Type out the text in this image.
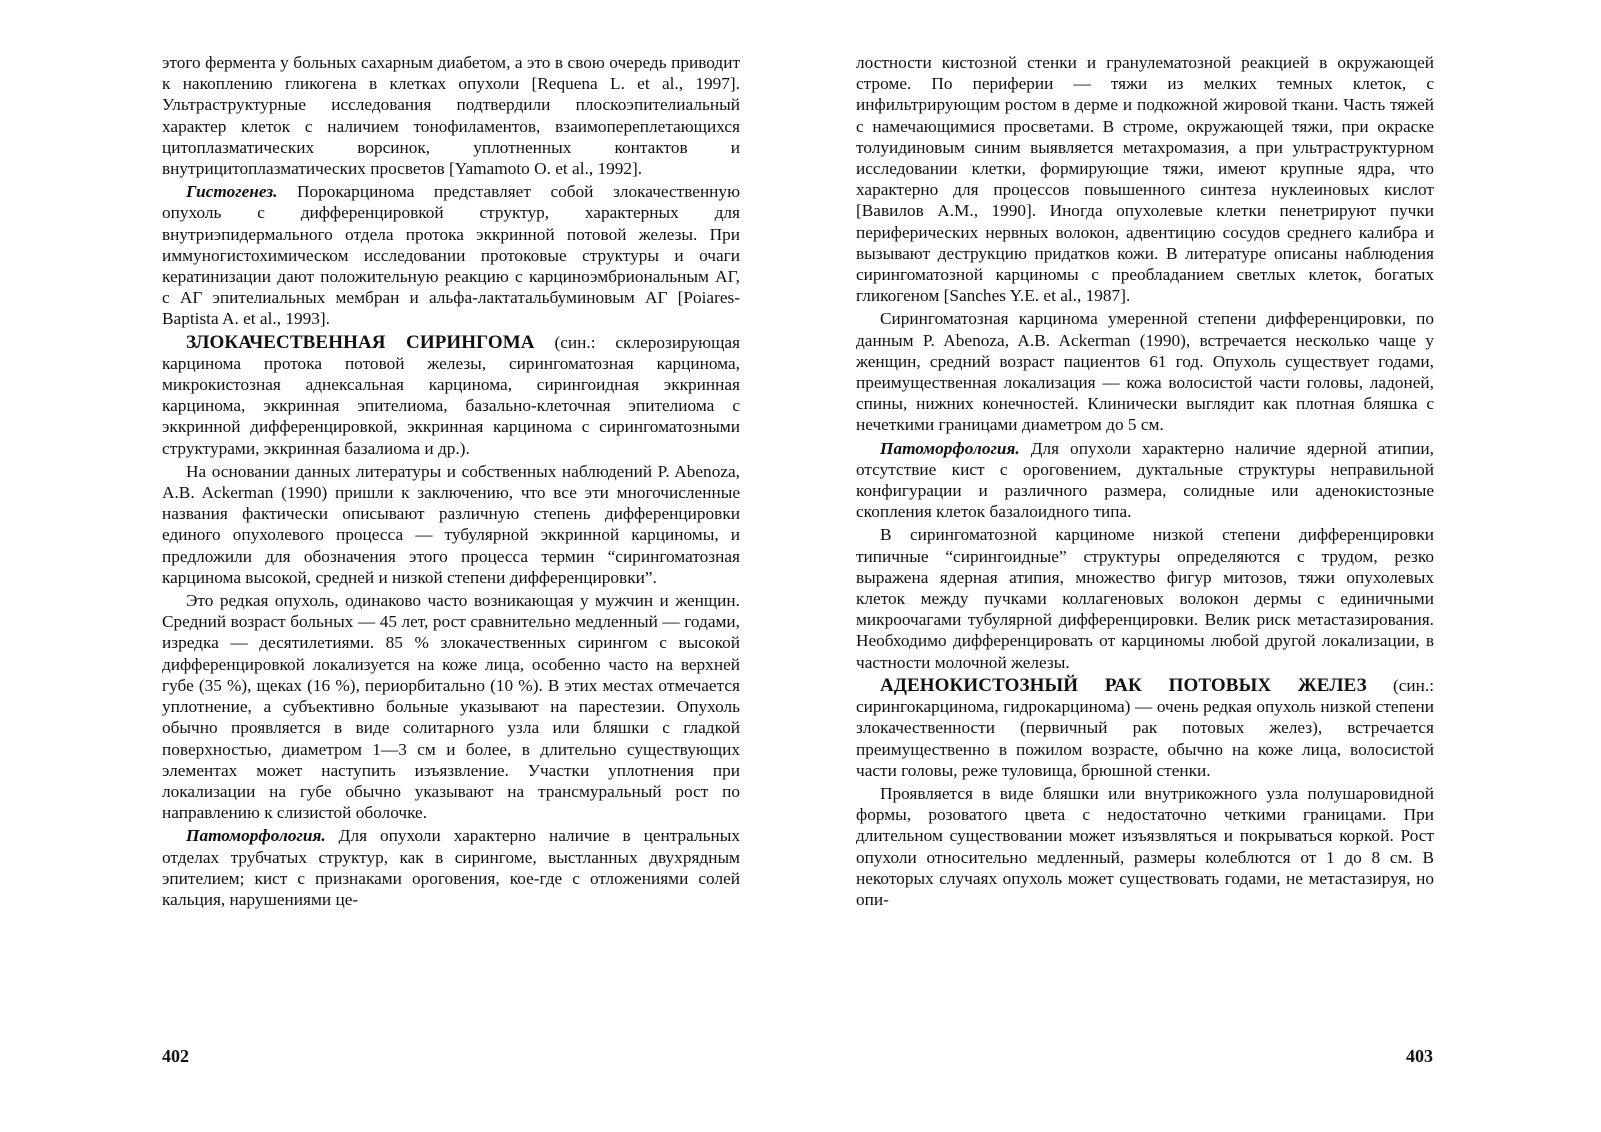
этого фермента у больных сахарным диабетом, а это в свою очередь приводит к накоплению гликогена в клетках опухоли [Requena L. et al., 1997]. Ультраструктурные исследования подтвердили плоскоэпителиальный характер клеток с наличием тонофиламентов, взаимопереплетающихся цитоплазматических ворсинок, уплотненных контактов и внутрицитоплазматических просветов [Yamamoto O. et al., 1992].

Гистогенез. Порокарцинома представляет собой злокачественную опухоль с дифференцировкой структур, характерных для внутриэпидермального отдела протока эккринной потовой железы. При иммуногистохимическом исследовании протоковые структуры и очаги кератинизации дают положительную реакцию с карциноэмбриональным АГ, с АГ эпителиальных мембран и альфа-лактатальбуминовым АГ [Poiares-Baptista A. et al., 1993].

ЗЛОКАЧЕСТВЕННАЯ СИРИНГОМА (син.: склерозирующая карцинома протока потовой железы, сирингоматозная карцинома, микрокистозная аднексальная карцинома, сирингоидная эккринная карцинома, эккринная эпителиома, базально-клеточная эпителиома с эккринной дифференцировкой, эккринная карцинома с сирингоматозными структурами, эккринная базалиома и др.).

На основании данных литературы и собственных наблюдений P. Abenoza, A.B. Ackerman (1990) пришли к заключению, что все эти многочисленные названия фактически описывают различную степень дифференцировки единого опухолевого процесса — тубулярной эккринной карциномы, и предложили для обозначения этого процесса термин “сирингоматозная карцинома высокой, средней и низкой степени дифференцировки”.

Это редкая опухоль, одинаково часто возникающая у мужчин и женщин. Средний возраст больных — 45 лет, рост сравнительно медленный — годами, изредка — десятилетиями. 85 % злокачественных сирингом с высокой дифференцировкой локализуется на коже лица, особенно часто на верхней губе (35 %), щеках (16 %), периорбитально (10 %). В этих местах отмечается уплотнение, а субъективно больные указывают на парестезии. Опухоль обычно проявляется в виде солитарного узла или бляшки с гладкой поверхностью, диаметром 1—3 см и более, в длительно существующих элементах может наступить изъязвление. Участки уплотнения при локализации на губе обычно указывают на трансмуральный рост по направлению к слизистой оболочке.

Патоморфология. Для опухоли характерно наличие в центральных отделах трубчатых структур, как в сирингоме, выстланных двухрядным эпителием; кист с признаками ороговения, кое-где с отложениями солей кальция, нарушениями це-

402

лостности кистозной стенки и гранулематозной реакцией в окружающей строме. По периферии — тяжи из мелких темных клеток, с инфильтрирующим ростом в дерме и подкожной жировой ткани. Часть тяжей с намечающимися просветами. В строме, окружающей тяжи, при окраске толуидиновым синим выявляется метахромазия, а при ультраструктурном исследовании клетки, формирующие тяжи, имеют крупные ядра, что характерно для процессов повышенного синтеза нуклеиновых кислот [Вавилов А.М., 1990]. Иногда опухолевые клетки пенетрируют пучки периферических нервных волокон, адвентицию сосудов среднего калибра и вызывают деструкцию придатков кожи. В литературе описаны наблюдения сирингоматозной карциномы с преобладанием светлых клеток, богатых гликогеном [Sanches Y.E. et al., 1987].

Сирингоматозная карцинома умеренной степени дифференцировки, по данным P. Abenoza, A.B. Ackerman (1990), встречается несколько чаще у женщин, средний возраст пациентов 61 год. Опухоль существует годами, преимущественная локализация — кожа волосистой части головы, ладоней, спины, нижних конечностей. Клинически выглядит как плотная бляшка с нечеткими границами диаметром до 5 см.

Патоморфология. Для опухоли характерно наличие ядерной атипии, отсутствие кист с ороговением, дуктальные структуры неправильной конфигурации и различного размера, солидные или аденокистозные скопления клеток базалоидного типа.

В сирингоматозной карциноме низкой степени дифференцировки типичные “сирингоидные” структуры определяются с трудом, резко выражена ядерная атипия, множество фигур митозов, тяжи опухолевых клеток между пучками коллагеновых волокон дермы с единичными микроочагами тубулярной дифференцировки. Велик риск метастазирования. Необходимо дифференцировать от карциномы любой другой локализации, в частности молочной железы.

АДЕНОКИСТОЗНЫЙ РАК ПОТОВЫХ ЖЕЛЕЗ (син.: сирингокарцинома, гидрокарцинома) — очень редкая опухоль низкой степени злокачественности (первичный рак потовых желез), встречается преимущественно в пожилом возрасте, обычно на коже лица, волосистой части головы, реже туловища, брюшной стенки.

Проявляется в виде бляшки или внутрикожного узла полушаровидной формы, розоватого цвета с недостаточно четкими границами. При длительном существовании может изъязвляться и покрываться коркой. Рост опухоли относительно медленный, размеры колеблются от 1 до 8 см. В некоторых случаях опухоль может существовать годами, не метастазируя, но опи-

403
